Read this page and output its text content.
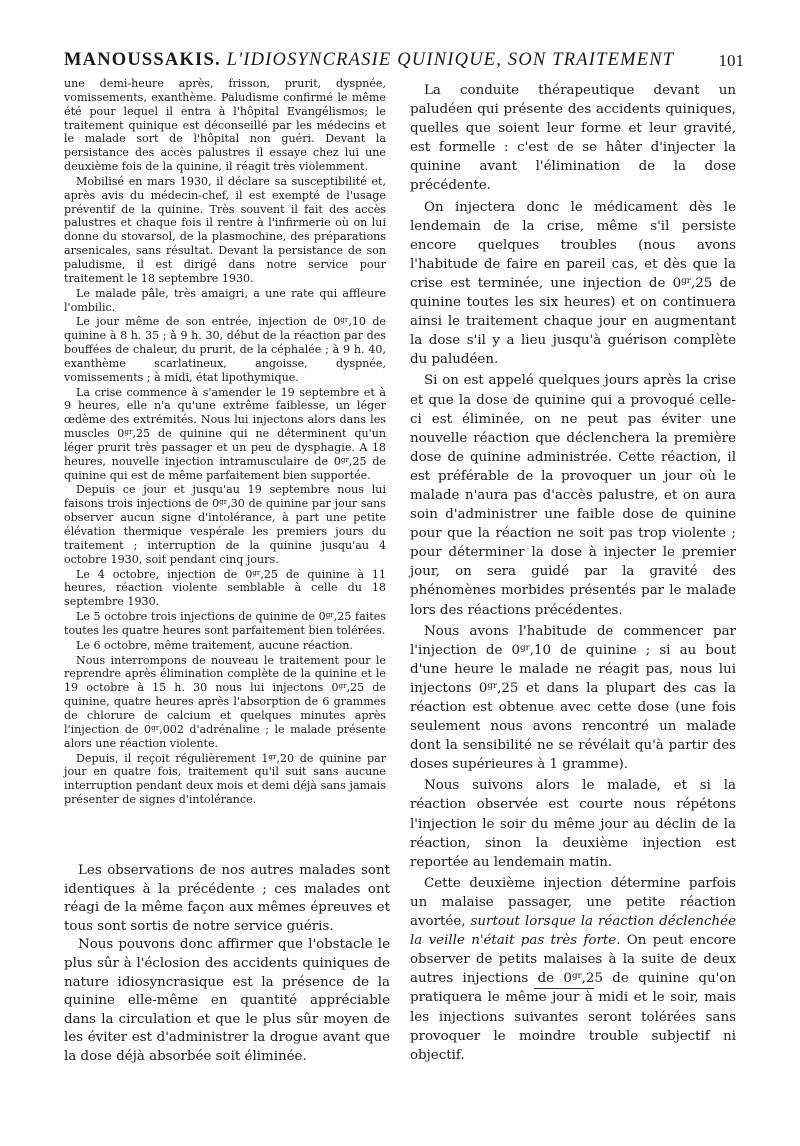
MANOUSSAKIS. L'IDIOSYNCRASIE QUINIQUE, SON TRAITEMENT	101

une demi-heure après, frisson, prurit, dyspnée, vomissements, exanthème. Paludisme confirmé le même été pour lequel il entra à l'hôpital Evangélismos; le traitement quinique est déconseillé par les médecins et le malade sort de l'hôpital non guéri. Devant la persistance des accès palustres il essaye chez lui une deuxième fois de la quinine, il réagit très violemment.

Mobilisé en mars 1930, il déclare sa susceptibilité et, après avis du médecin-chef, il est exempté de l'usage préventif de la quinine. Très souvent il fait des accès palustres et chaque fois il rentre à l'infirmerie où on lui donne du stovarsol, de la plasmochine, des préparations arsenicales, sans résultat. Devant la persistance de son paludisme, il est dirigé dans notre service pour traitement le 18 septembre 1930.

Le malade pâle, très amaigri, a une rate qui affleure l'ombilic.

Le jour même de son entrée, injection de $0^{gr},10$ de quinine à 8 h. 35 ; à 9 h. 30, début de la réaction par des bouffées de chaleur, du prurit, de la céphalée ; à 9 h. 40, exanthème scarlatineux, angoisse, dyspnée, vomissements ; à midi, état lipothymique.

La crise commence à s'amender le 19 septembre et à 9 heures, elle n'a qu'une extrême faiblesse, un léger œdème des extrémités. Nous lui injectons alors dans les muscles $0^{gr},25$ de quinine qui ne déterminent qu'un léger prurit très passager et un peu de dysphagie. A 18 heures, nouvelle injection intramusculaire de $0^{gr},25$ de quinine qui est de même parfaitement bien supportée.

Depuis ce jour et jusqu'au 19 septembre nous lui faisons trois injections de $0^{gr},30$ de quinine par jour sans observer aucun signe d'intolérance, à part une petite élévation thermique vespérale les premiers jours du traitement ; interruption de la quinine jusqu'au 4 octobre 1930, soit pendant cinq jours.

Le 4 octobre, injection de $0^{gr},25$ de quinine à 11 heures, réaction violente semblable à celle du 18 septembre 1930.

Le 5 octobre trois injections de quinine de $0^{gr},25$ faites toutes les quatre heures sont parfaitement bien tolérées.

Le 6 octobre, même traitement, aucune réaction.

Nous interrompons de nouveau le traitement pour le reprendre après élimination complète de la quinine et le 19 octobre à 15 h. 30 nous lui injectons $0^{gr},25$ de quinine, quatre heures après l'absorption de 6 grammes de chlorure de calcium et quelques minutes après l'injection de $0^{gr},002$ d'adrénaline ; le malade présente alors une réaction violente.

Depuis, il reçoit régulièrement $1^{gr},20$ de quinine par jour en quatre fois, traitement qu'il suit sans aucune interruption pendant deux mois et demi déjà sans jamais présenter de signes d'intolérance.

Les observations de nos autres malades sont identiques à la précédente ; ces malades ont réagi de la même façon aux mêmes épreuves et tous sont sortis de notre service guéris.

Nous pouvons donc affirmer que l'obstacle le plus sûr à l'éclosion des accidents quiniques de nature idiosyncrasique est la présence de la quinine elle-même en quantité appréciable dans la circulation et que le plus sûr moyen de les éviter est d'administrer la drogue avant que la dose déjà absorbée soit éliminée.

La conduite thérapeutique devant un paludéen qui présente des accidents quiniques, quelles que soient leur forme et leur gravité, est formelle : c'est de se hâter d'injecter la quinine avant l'élimination de la dose précédente.

On injectera donc le médicament dès le lendemain de la crise, même s'il persiste encore quelques troubles (nous avons l'habitude de faire en pareil cas, et dès que la crise est terminée, une injection de $0^{gr},25$ de quinine toutes les six heures) et on continuera ainsi le traitement chaque jour en augmentant la dose s'il y a lieu jusqu'à guérison complète du paludéen.

Si on est appelé quelques jours après la crise et que la dose de quinine qui a provoqué celle-ci est éliminée, on ne peut pas éviter une nouvelle réaction que déclenchera la première dose de quinine administrée. Cette réaction, il est préférable de la provoquer un jour où le malade n'aura pas d'accès palustre, et on aura soin d'administrer une faible dose de quinine pour que la réaction ne soit pas trop violente ; pour déterminer la dose à injecter le premier jour, on sera guidé par la gravité des phénomènes morbides présentés par le malade lors des réactions précédentes.

Nous avons l'habitude de commencer par l'injection de $0^{gr},10$ de quinine ; si au bout d'une heure le malade ne réagit pas, nous lui injectons $0^{gr},25$ et dans la plupart des cas la réaction est obtenue avec cette dose (une fois seulement nous avons rencontré un malade dont la sensibilité ne se révélait qu'à partir des doses supérieures à 1 gramme).

Nous suivons alors le malade, et si la réaction observée est courte nous répétons l'injection le soir du même jour au déclin de la réaction, sinon la deuxième injection est reportée au lendemain matin.

Cette deuxième injection détermine parfois un malaise passager, une petite réaction avortée, surtout lorsque la réaction déclenchée la veille n'était pas très forte. On peut encore observer de petits malaises à la suite de deux autres injections de $0^{gr},25$ de quinine qu'on pratiquera le même jour à midi et le soir, mais les injections suivantes seront tolérées sans provoquer le moindre trouble subjectif ni objectif.
